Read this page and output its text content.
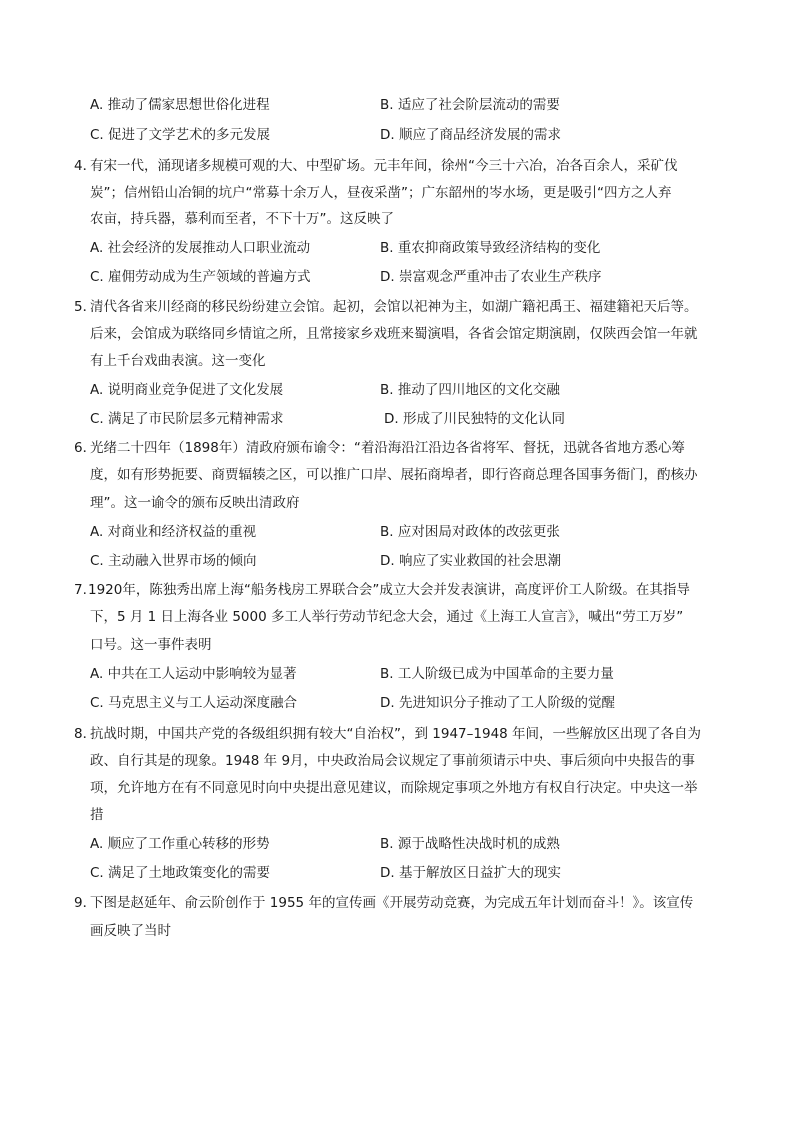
A. 推动了儒家思想世俗化进程	B. 适应了社会阶层流动的需要
C. 促进了文学艺术的多元发展	D. 顺应了商品经济发展的需求
4．
有宋一代，涌现诸多规模可观的大、中型矿场。元丰年间，徐州“今三十六冶，冶各百余人，采矿伐
炭”；信州铅山冶铜的坑户“常募十余万人，昼夜采凿”；广东韶州的岑水场，更是吸引“四方之人弃
农亩，持兵器，慕利而至者，不下十万”。这反映了
A. 社会经济的发展推动人口职业流动	B. 重农抑商政策导致经济结构的变化
C. 雇佣劳动成为生产领域的普遍方式	D. 崇富观念严重冲击了农业生产秩序
5．
清代各省来川经商的移民纷纷建立会馆。起初，会馆以祀神为主，如湖广籍祀禹王、福建籍祀天后等。
后来，会馆成为联络同乡情谊之所，且常接家乡戏班来蜀演唱，各省会馆定期演剧，仅陕西会馆一年就
有上千台戏曲表演。这一变化
A. 说明商业竞争促进了文化发展	B. 推动了四川地区的文化交融
C. 满足了市民阶层多元精神需求	D. 形成了川民独特的文化认同
6．
光绪二十四年（1898年）清政府颁布谕令：“着沿海沿江沿边各省将军、督抚，迅就各省地方悉心筹
度，如有形势扼要、商贾辐辏之区，可以推广口岸、展拓商埠者，即行咨商总理各国事务衙门，酌核办
理”。这一谕令的颁布反映出清政府
A. 对商业和经济权益的重视	B. 应对困局对政体的改弦更张
C. 主动融入世界市场的倾向	D. 响应了实业救国的社会思潮
7. 1920年，陈独秀出席上海“船务栈房工界联合会”成立大会并发表演讲，高度评价工人阶级。在其指导
下，5 月 1 日上海各业 5000 多工人举行劳动节纪念大会，通过《上海工人宣言》，喊出“劳工万岁”
口号。这一事件表明
A. 中共在工人运动中影响较为显著	B. 工人阶级已成为中国革命的主要力量
C. 马克思主义与工人运动深度融合	D. 先进知识分子推动了工人阶级的觉醒
8．
抗战时期，中国共产党的各级组织拥有较大“自治权”，到 1947–1948 年间，一些解放区出现了各自为
政、自行其是的现象。1948 年 9月，中央政治局会议规定了事前须请示中央、事后须向中央报告的事
项，允许地方在有不同意见时向中央提出意见建议，而除规定事项之外地方有权自行决定。中央这一举
措
A. 顺应了工作重心转移的形势	B. 源于战略性决战时机的成熟
C. 满足了土地政策变化的需要	D. 基于解放区日益扩大的现实
9．
下图是赵延年、俞云阶创作于 1955 年的宣传画《开展劳动竞赛，为完成五年计划而奋斗！》。该宣传
画反映了当时
